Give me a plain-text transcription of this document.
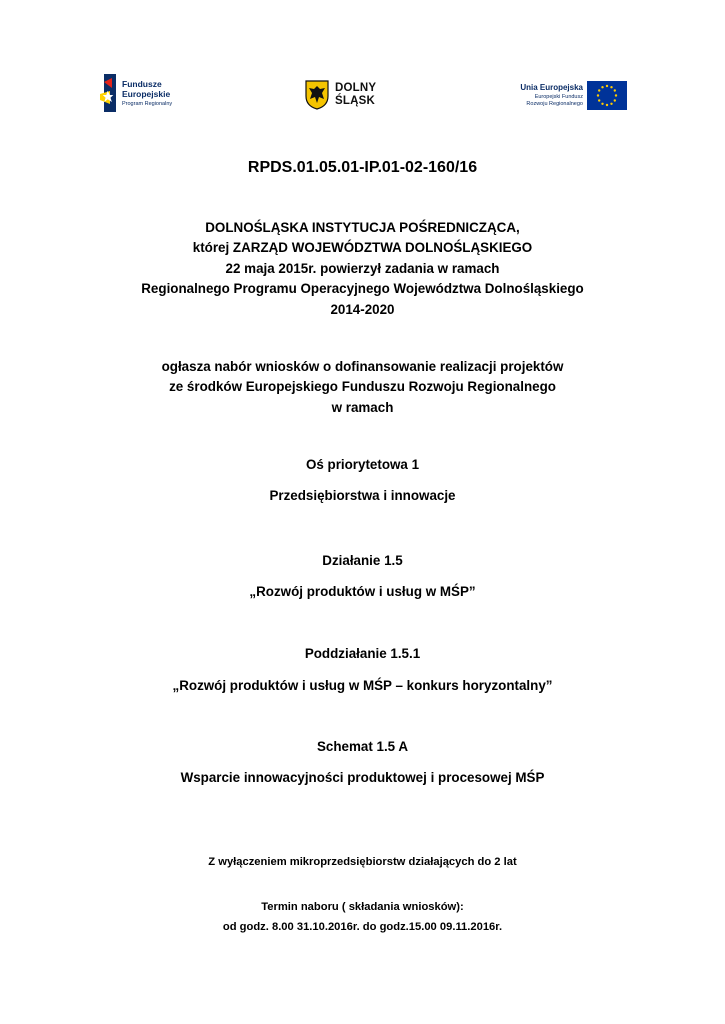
Fundusze
Europejskie
Program Regionalny
DOLNY
ŚLĄSK
Unia Europejska
Europejski Fundusz
Rozwoju Regionalnego
RPDS.01.05.01-IP.01-02-160/16
DOLNOŚLĄSKA INSTYTUCJA POŚREDNICZĄCA,
której ZARZĄD WOJEWÓDZTWA DOLNOŚLĄSKIEGO
22 maja 2015r. powierzył zadania w ramach
Regionalnego Programu Operacyjnego Województwa Dolnośląskiego
2014-2020
ogłasza nabór wniosków o dofinansowanie realizacji projektów
ze środków Europejskiego Funduszu Rozwoju Regionalnego
w ramach
Oś priorytetowa 1
Przedsiębiorstwa i innowacje
Działanie 1.5
„Rozwój produktów i usług w MŚP”
Poddziałanie 1.5.1
„Rozwój produktów i usług w MŚP – konkurs horyzontalny”
Schemat 1.5 A
Wsparcie innowacyjności produktowej i procesowej MŚP
Z wyłączeniem mikroprzedsiębiorstw działających do 2 lat
Termin naboru ( składania wniosków):
od godz. 8.00 31.10.2016r. do godz.15.00 09.11.2016r.
